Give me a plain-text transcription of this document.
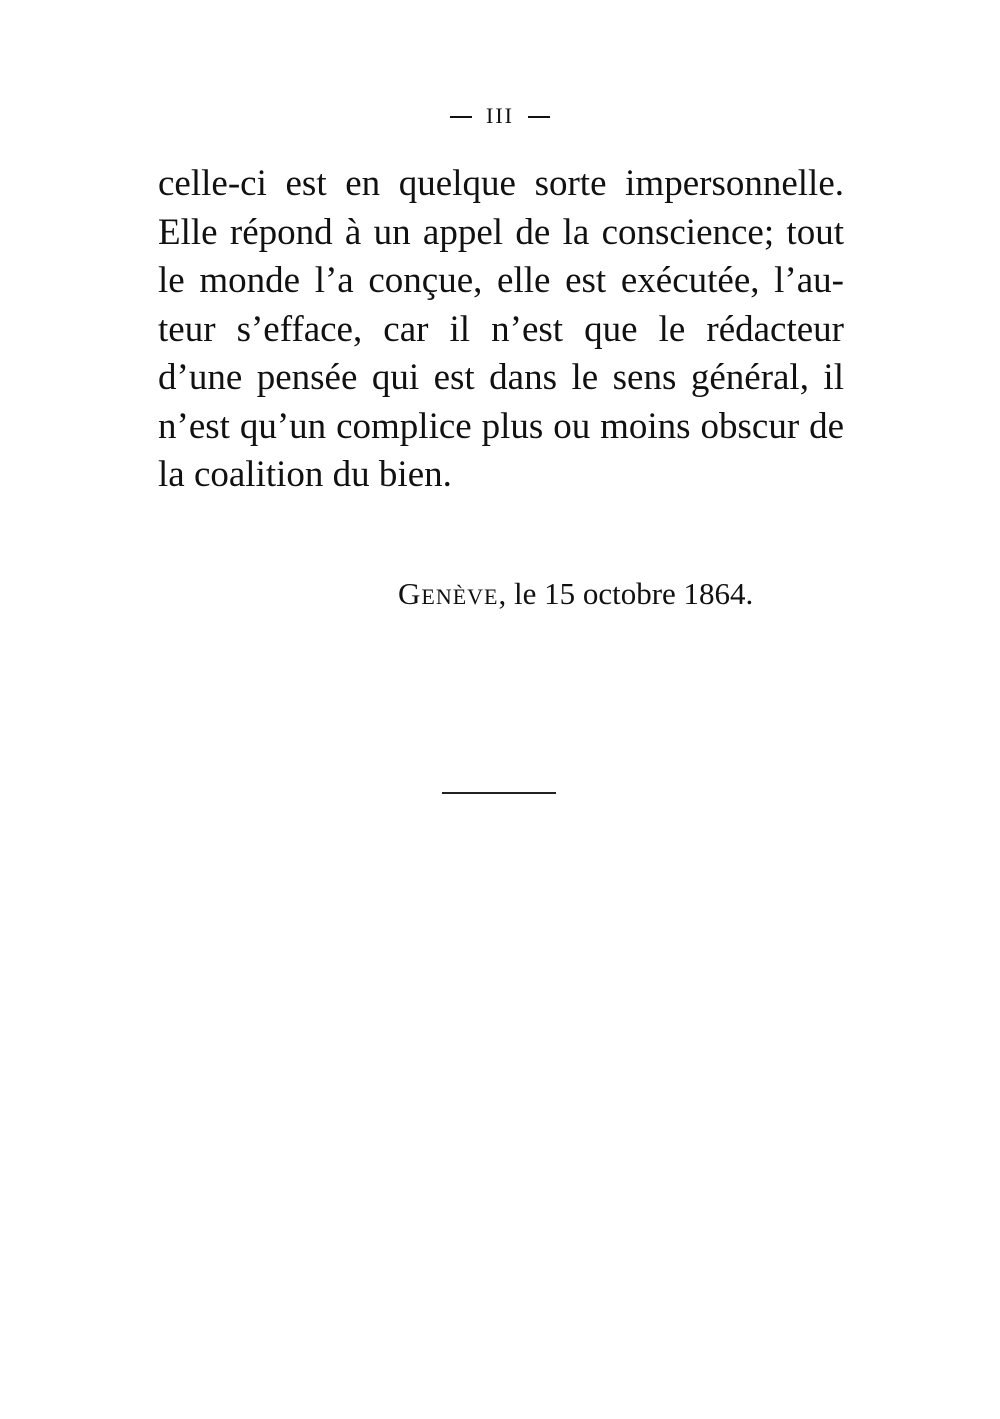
III
celle-ci est en quelque sorte impersonnelle.
Elle répond à un appel de la conscience; tout
le monde l’a conçue, elle est exécutée, l’au-
teur s’efface, car il n’est que le rédacteur
d’une pensée qui est dans le sens général, il
n’est qu’un complice plus ou moins obscur de
la coalition du bien.
Genève, le 15 octobre 1864.
